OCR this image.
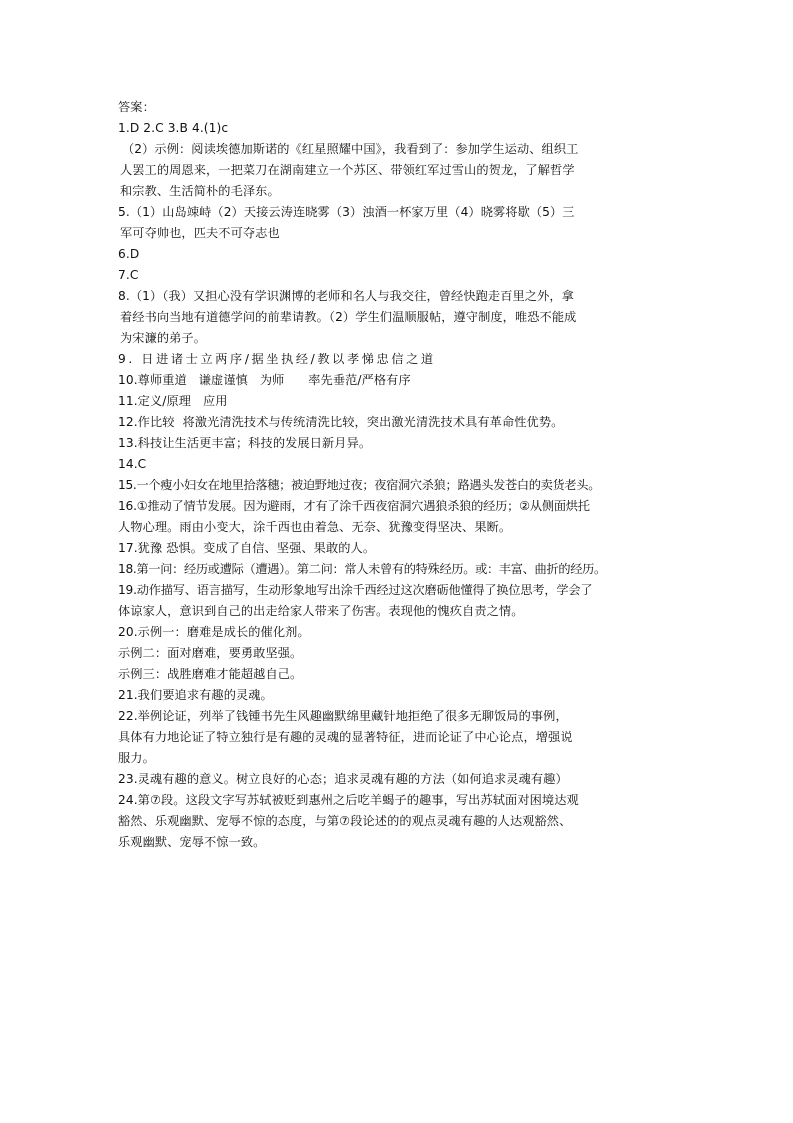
答案：
1.D 2.C 3.B 4.(1)c
（2）示例：阅读埃德加斯诺的《红星照耀中国》，我看到了：参加学生运动、组织工
人罢工的周恩来，一把菜刀在湖南建立一个苏区、带领红军过雪山的贺龙，了解哲学
和宗教、生活简朴的毛泽东。
5.（1）山岛竦峙（2）天接云涛连晓雾（3）浊酒一杯家万里（4）晓雾将歇（5）三
军可夺帅也，匹夫不可夺志也
6.D
7.C
8.（1）（我）又担心没有学识渊博的老师和名人与我交往，曾经快跑走百里之外，拿
着经书向当地有道德学问的前辈请教。（2）学生们温顺服帖，遵守制度，唯恐不能成
为宋濂的弟子。
9. 日进诸士立两序/据坐执经/教以孝悌忠信之道
10.尊师重道   谦虚谨慎   为师      率先垂范/严格有序
11.定义/原理   应用
12.作比较  将激光清洗技术与传统清洗比较，突出激光清洗技术具有革命性优势。
13.科技让生活更丰富；科技的发展日新月异。
14.C
15.一个瘦小妇女在地里拾落穗；被迫野地过夜；夜宿洞穴杀狼；路遇头发苍白的卖货老头。
16.①推动了情节发展。因为避雨，才有了涂千西夜宿洞穴遇狼杀狼的经历；②从侧面烘托
人物心理。雨由小变大，涂千西也由着急、无奈、犹豫变得坚决、果断。
17.犹豫 恐惧。变成了自信、坚强、果敢的人。
18.第一问：经历或遭际（遭遇）。第二问：常人未曾有的特殊经历。或：丰富、曲折的经历。
19.动作描写、语言描写，生动形象地写出涂千西经过这次磨砺他懂得了换位思考，学会了
体谅家人，意识到自己的出走给家人带来了伤害。表现他的愧疚自责之情。
20.示例一：磨难是成长的催化剂。
示例二：面对磨难，要勇敢坚强。
示例三：战胜磨难才能超越自己。
21.我们要追求有趣的灵魂。
22.举例论证，列举了钱锺书先生风趣幽默绵里藏针地拒绝了很多无聊饭局的事例，
具体有力地论证了特立独行是有趣的灵魂的显著特征，进而论证了中心论点，增强说
服力。
23.灵魂有趣的意义。树立良好的心态；追求灵魂有趣的方法（如何追求灵魂有趣）
24.第⑦段。这段文字写苏轼被贬到惠州之后吃羊蝎子的趣事，写出苏轼面对困境达观
豁然、乐观幽默、宠辱不惊的态度，与第⑦段论述的的观点灵魂有趣的人达观豁然、
乐观幽默、宠辱不惊一致。
